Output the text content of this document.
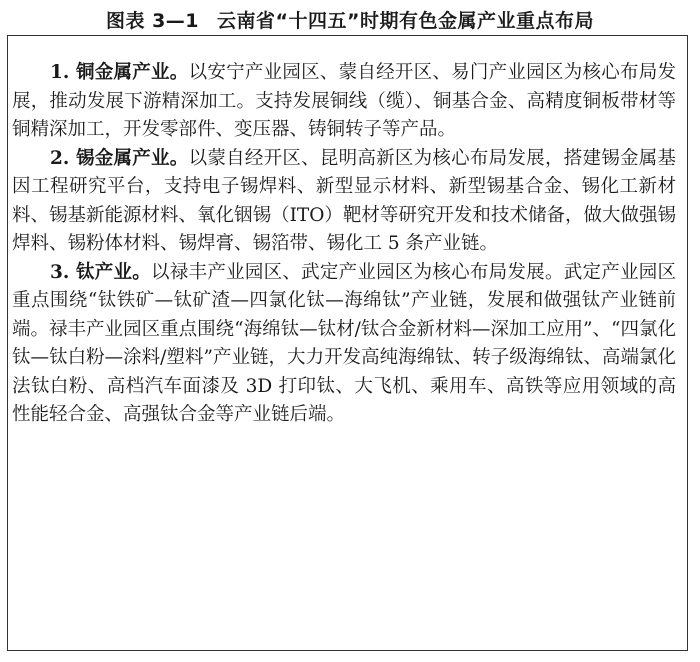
图表 3—1 云南省“十四五”时期有色金属产业重点布局

1. 铜金属产业。以安宁产业园区、蒙自经开区、易门产业园区为核心布局发展，推动发展下游精深加工。支持发展铜线（缆）、铜基合金、高精度铜板带材等铜精深加工，开发零部件、变压器、铸铜转子等产品。

2. 锡金属产业。以蒙自经开区、昆明高新区为核心布局发展，搭建锡金属基因工程研究平台，支持电子锡焊料、新型显示材料、新型锡基合金、锡化工新材料、锡基新能源材料、氧化铟锡（ITO）靶材等研究开发和技术储备，做大做强锡焊料、锡粉体材料、锡焊膏、锡箔带、锡化工 5 条产业链。

3. 钛产业。以禄丰产业园区、武定产业园区为核心布局发展。武定产业园区重点围绕“钛铁矿—钛矿渣—四氯化钛—海绵钛”产业链，发展和做强钛产业链前端。禄丰产业园区重点围绕“海绵钛—钛材/钛合金新材料—深加工应用”、“四氯化钛—钛白粉—涂料/塑料”产业链，大力开发高纯海绵钛、转子级海绵钛、高端氯化法钛白粉、高档汽车面漆及 3D 打印钛、大飞机、乘用车、高铁等应用领域的高性能轻合金、高强钛合金等产业链后端。
